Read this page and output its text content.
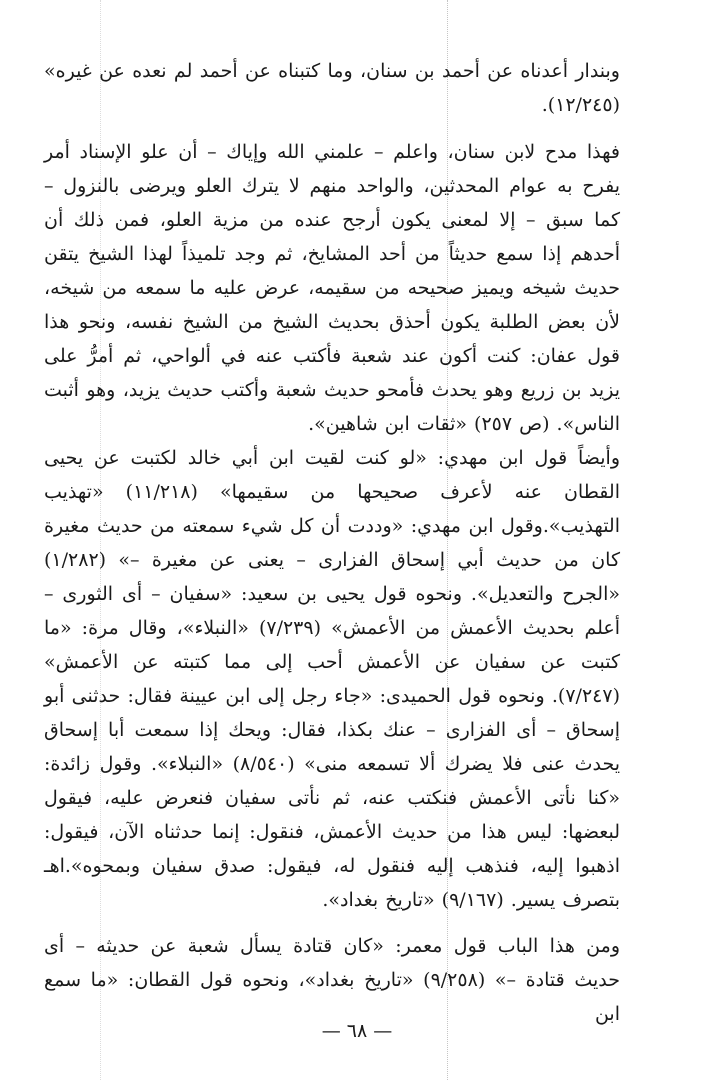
وبندار أعدناه عن أحمد بن سنان، وما كتبناه عن أحمد لم نعده عن غيره» (١٢/٢٤٥).

فهذا مدح لابن سنان، واعلم – علمني الله وإياك – أن علو الإسناد أمر يفرح به عوام المحدثين، والواحد منهم لا يترك العلو ويرضى بالنزول – كما سبق – إلا لمعنى يكون أرجح عنده من مزية العلو، فمن ذلك أن أحدهم إذا سمع حديثاً من أحد المشايخ، ثم وجد تلميذاً لهذا الشيخ يتقن حديث شيخه ويميز صحيحه من سقيمه، عرض عليه ما سمعه من شيخه، لأن بعض الطلبة يكون أحذق بحديث الشيخ من الشيخ نفسه، ونحو هذا قول عفان: كنت أكون عند شعبة فأكتب عنه في ألواحي، ثم أمرُّ على يزيد بن زريع وهو يحدث فأمحو حديث شعبة وأكتب حديث يزيد، وهو أثبت الناس». (ص ٢٥٧) «ثقات ابن شاهين».

وأيضاً قول ابن مهدي: «لو كنت لقيت ابن أبي خالد لكتبت عن يحيى القطان عنه لأعرف صحيحها من سقيمها» (١١/٢١٨) «تهذيب التهذيب».وقول ابن مهدي: «وددت أن كل شيء سمعته من حديث مغيرة كان من حديث أبي إسحاق الفزارى – يعنى عن مغيرة –» (١/٢٨٢) «الجرح والتعديل». ونحوه قول يحيى بن سعيد: «سفيان – أى الثورى – أعلم بحديث الأعمش من الأعمش» (٧/٢٣٩) «النبلاء»، وقال مرة: «ما كتبت عن سفيان عن الأعمش أحب إلى مما كتبته عن الأعمش» (٧/٢٤٧). ونحوه قول الحميدى: «جاء رجل إلى ابن عيينة فقال: حدثنى أبو إسحاق – أى الفزارى – عنك بكذا، فقال: ويحك إذا سمعت أبا إسحاق يحدث عنى فلا يضرك ألا تسمعه منى» (٨/٥٤٠) «النبلاء». وقول زائدة: «كنا نأتى الأعمش فنكتب عنه، ثم نأتى سفيان فنعرض عليه، فيقول لبعضها: ليس هذا من حديث الأعمش، فنقول: إنما حدثناه الآن، فيقول: اذهبوا إليه، فنذهب إليه فنقول له، فيقول: صدق سفيان وبمحوه».اهـ بتصرف يسير. (٩/١٦٧) «تاريخ بغداد».

ومن هذا الباب قول معمر: «كان قتادة يسأل شعبة عن حديثه – أى حديث قتادة –» (٩/٢٥٨) «تاريخ بغداد»، ونحوه قول القطان: «ما سمع ابن

— ٦٨ —
